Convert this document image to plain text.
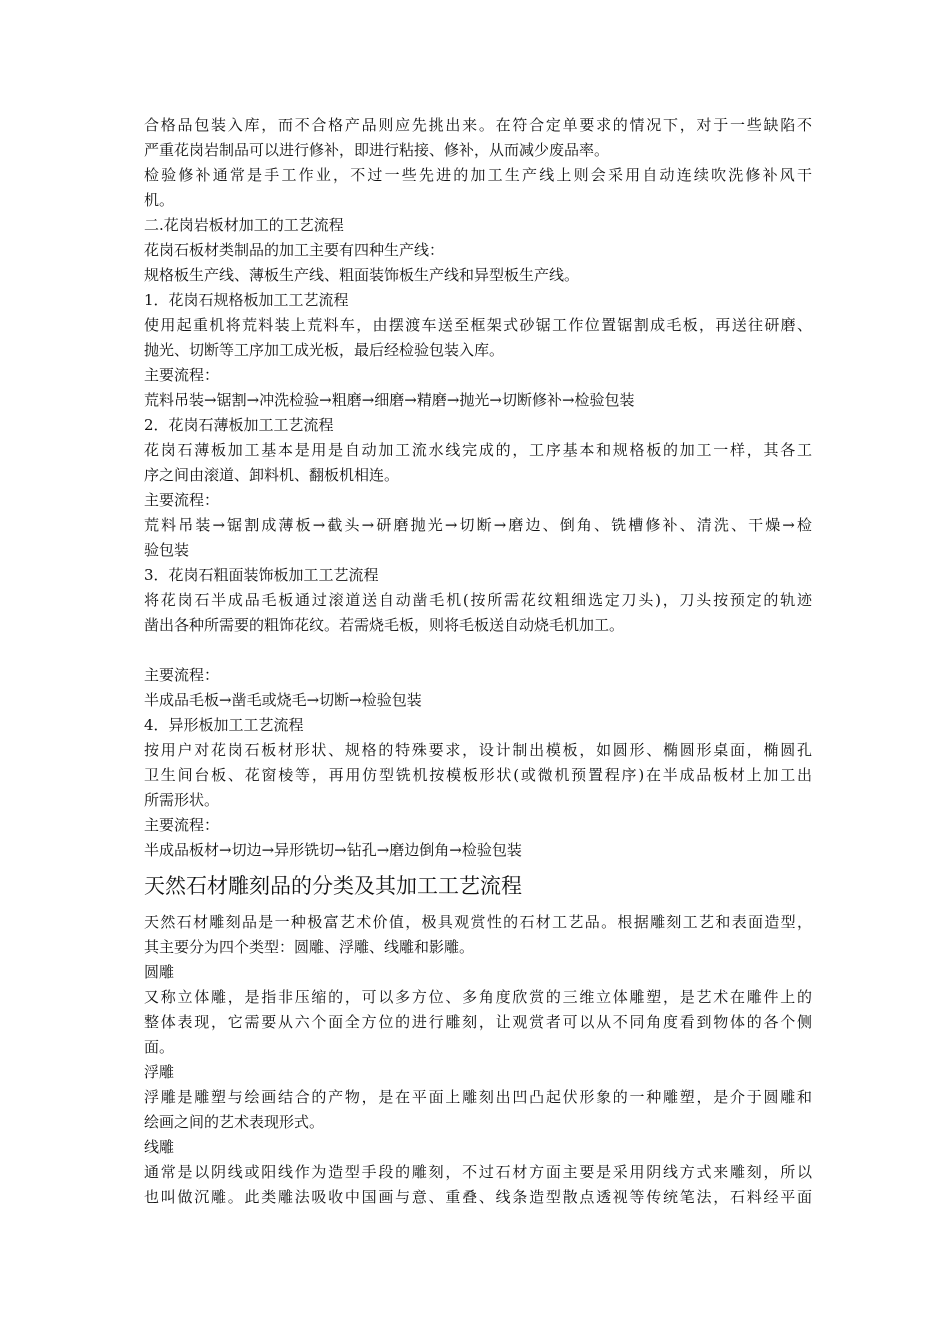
合格品包装入库，而不合格产品则应先挑出来。在符合定单要求的情况下，对于一些缺陷不
严重花岗岩制品可以进行修补，即进行粘接、修补，从而减少废品率。
检验修补通常是手工作业，不过一些先进的加工生产线上则会采用自动连续吹洗修补风干
机。
二.花岗岩板材加工的工艺流程
花岗石板材类制品的加工主要有四种生产线：
规格板生产线、薄板生产线、粗面装饰板生产线和异型板生产线。
1．花岗石规格板加工工艺流程
使用起重机将荒料装上荒料车，由摆渡车送至框架式砂锯工作位置锯割成毛板，再送往研磨、
抛光、切断等工序加工成光板，最后经检验包装入库。
主要流程：
荒料吊装→锯割→冲洗检验→粗磨→细磨→精磨→抛光→切断修补→检验包装
2．花岗石薄板加工工艺流程
花岗石薄板加工基本是用是自动加工流水线完成的，工序基本和规格板的加工一样，其各工
序之间由滚道、卸料机、翻板机相连。
主要流程：
荒料吊装→锯割成薄板→截头→研磨抛光→切断→磨边、倒角、铣槽修补、清洗、干燥→检
验包装
3．花岗石粗面装饰板加工工艺流程
将花岗石半成品毛板通过滚道送自动凿毛机(按所需花纹粗细选定刀头)，刀头按预定的轨迹
凿出各种所需要的粗饰花纹。若需烧毛板，则将毛板送自动烧毛机加工。
主要流程：
半成品毛板→凿毛或烧毛→切断→检验包装
4．异形板加工工艺流程
按用户对花岗石板材形状、规格的特殊要求，设计制出模板，如圆形、椭圆形桌面，椭圆孔
卫生间台板、花窗棱等，再用仿型铣机按模板形状(或微机预置程序)在半成品板材上加工出
所需形状。
主要流程：
半成品板材→切边→异形铣切→钻孔→磨边倒角→检验包装
天然石材雕刻品的分类及其加工工艺流程
天然石材雕刻品是一种极富艺术价值，极具观赏性的石材工艺品。根据雕刻工艺和表面造型，
其主要分为四个类型：圆雕、浮雕、线雕和影雕。
圆雕
又称立体雕，是指非压缩的，可以多方位、多角度欣赏的三维立体雕塑，是艺术在雕件上的
整体表现，它需要从六个面全方位的进行雕刻，让观赏者可以从不同角度看到物体的各个侧
面。
浮雕
浮雕是雕塑与绘画结合的产物，是在平面上雕刻出凹凸起伏形象的一种雕塑，是介于圆雕和
绘画之间的艺术表现形式。
线雕
通常是以阴线或阳线作为造型手段的雕刻，不过石材方面主要是采用阴线方式来雕刻，所以
也叫做沉雕。此类雕法吸收中国画与意、重叠、线条造型散点透视等传统笔法，石料经平面
